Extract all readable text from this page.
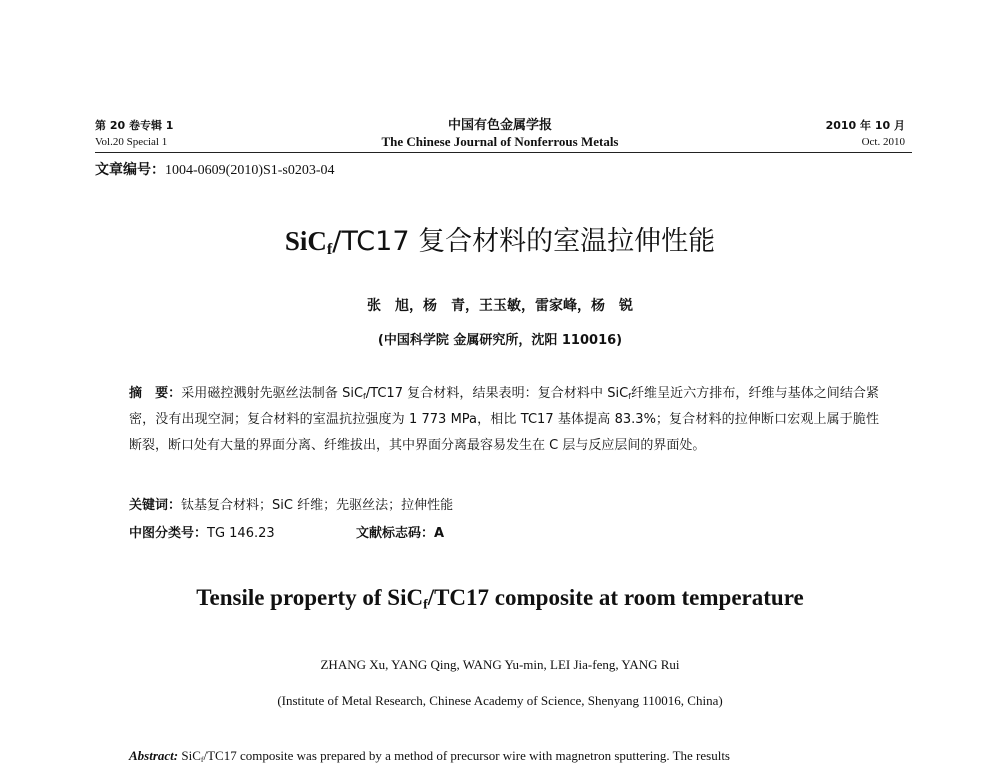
第 20 卷专辑 1
Vol.20 Special 1
中国有色金属学报
The Chinese Journal of Nonferrous Metals
2010 年 10 月
Oct. 2010
文章编号：1004-0609(2010)S1-s0203-04
SiC$_f$/TC17 复合材料的室温拉伸性能
张　旭，杨　青，王玉敏，雷家峰，杨　锐
(中国科学院 金属研究所，沈阳 110016)
摘　要：采用磁控溅射先驱丝法制备 SiC$_f$/TC17 复合材料，结果表明：复合材料中 SiC$_f$纤维呈近六方排布，纤维与基体之间结合紧密，没有出现空洞；复合材料的室温抗拉强度为 1 773 MPa，相比 TC17 基体提高 83.3%；复合材料的拉伸断口宏观上属于脆性断裂，断口处有大量的界面分离、纤维拔出，其中界面分离最容易发生在 C 层与反应层间的界面处。
关键词：钛基复合材料；SiC 纤维；先驱丝法；拉伸性能
中图分类号：TG 146.23	文献标志码：A
Tensile property of SiC$_f$/TC17 composite at room temperature
ZHANG Xu, YANG Qing, WANG Yu-min, LEI Jia-feng, YANG Rui
(Institute of Metal Research, Chinese Academy of Science, Shenyang 110016, China)
Abstract: SiC$_f$/TC17 composite was prepared by a method of precursor wire with magnetron sputtering. The results
